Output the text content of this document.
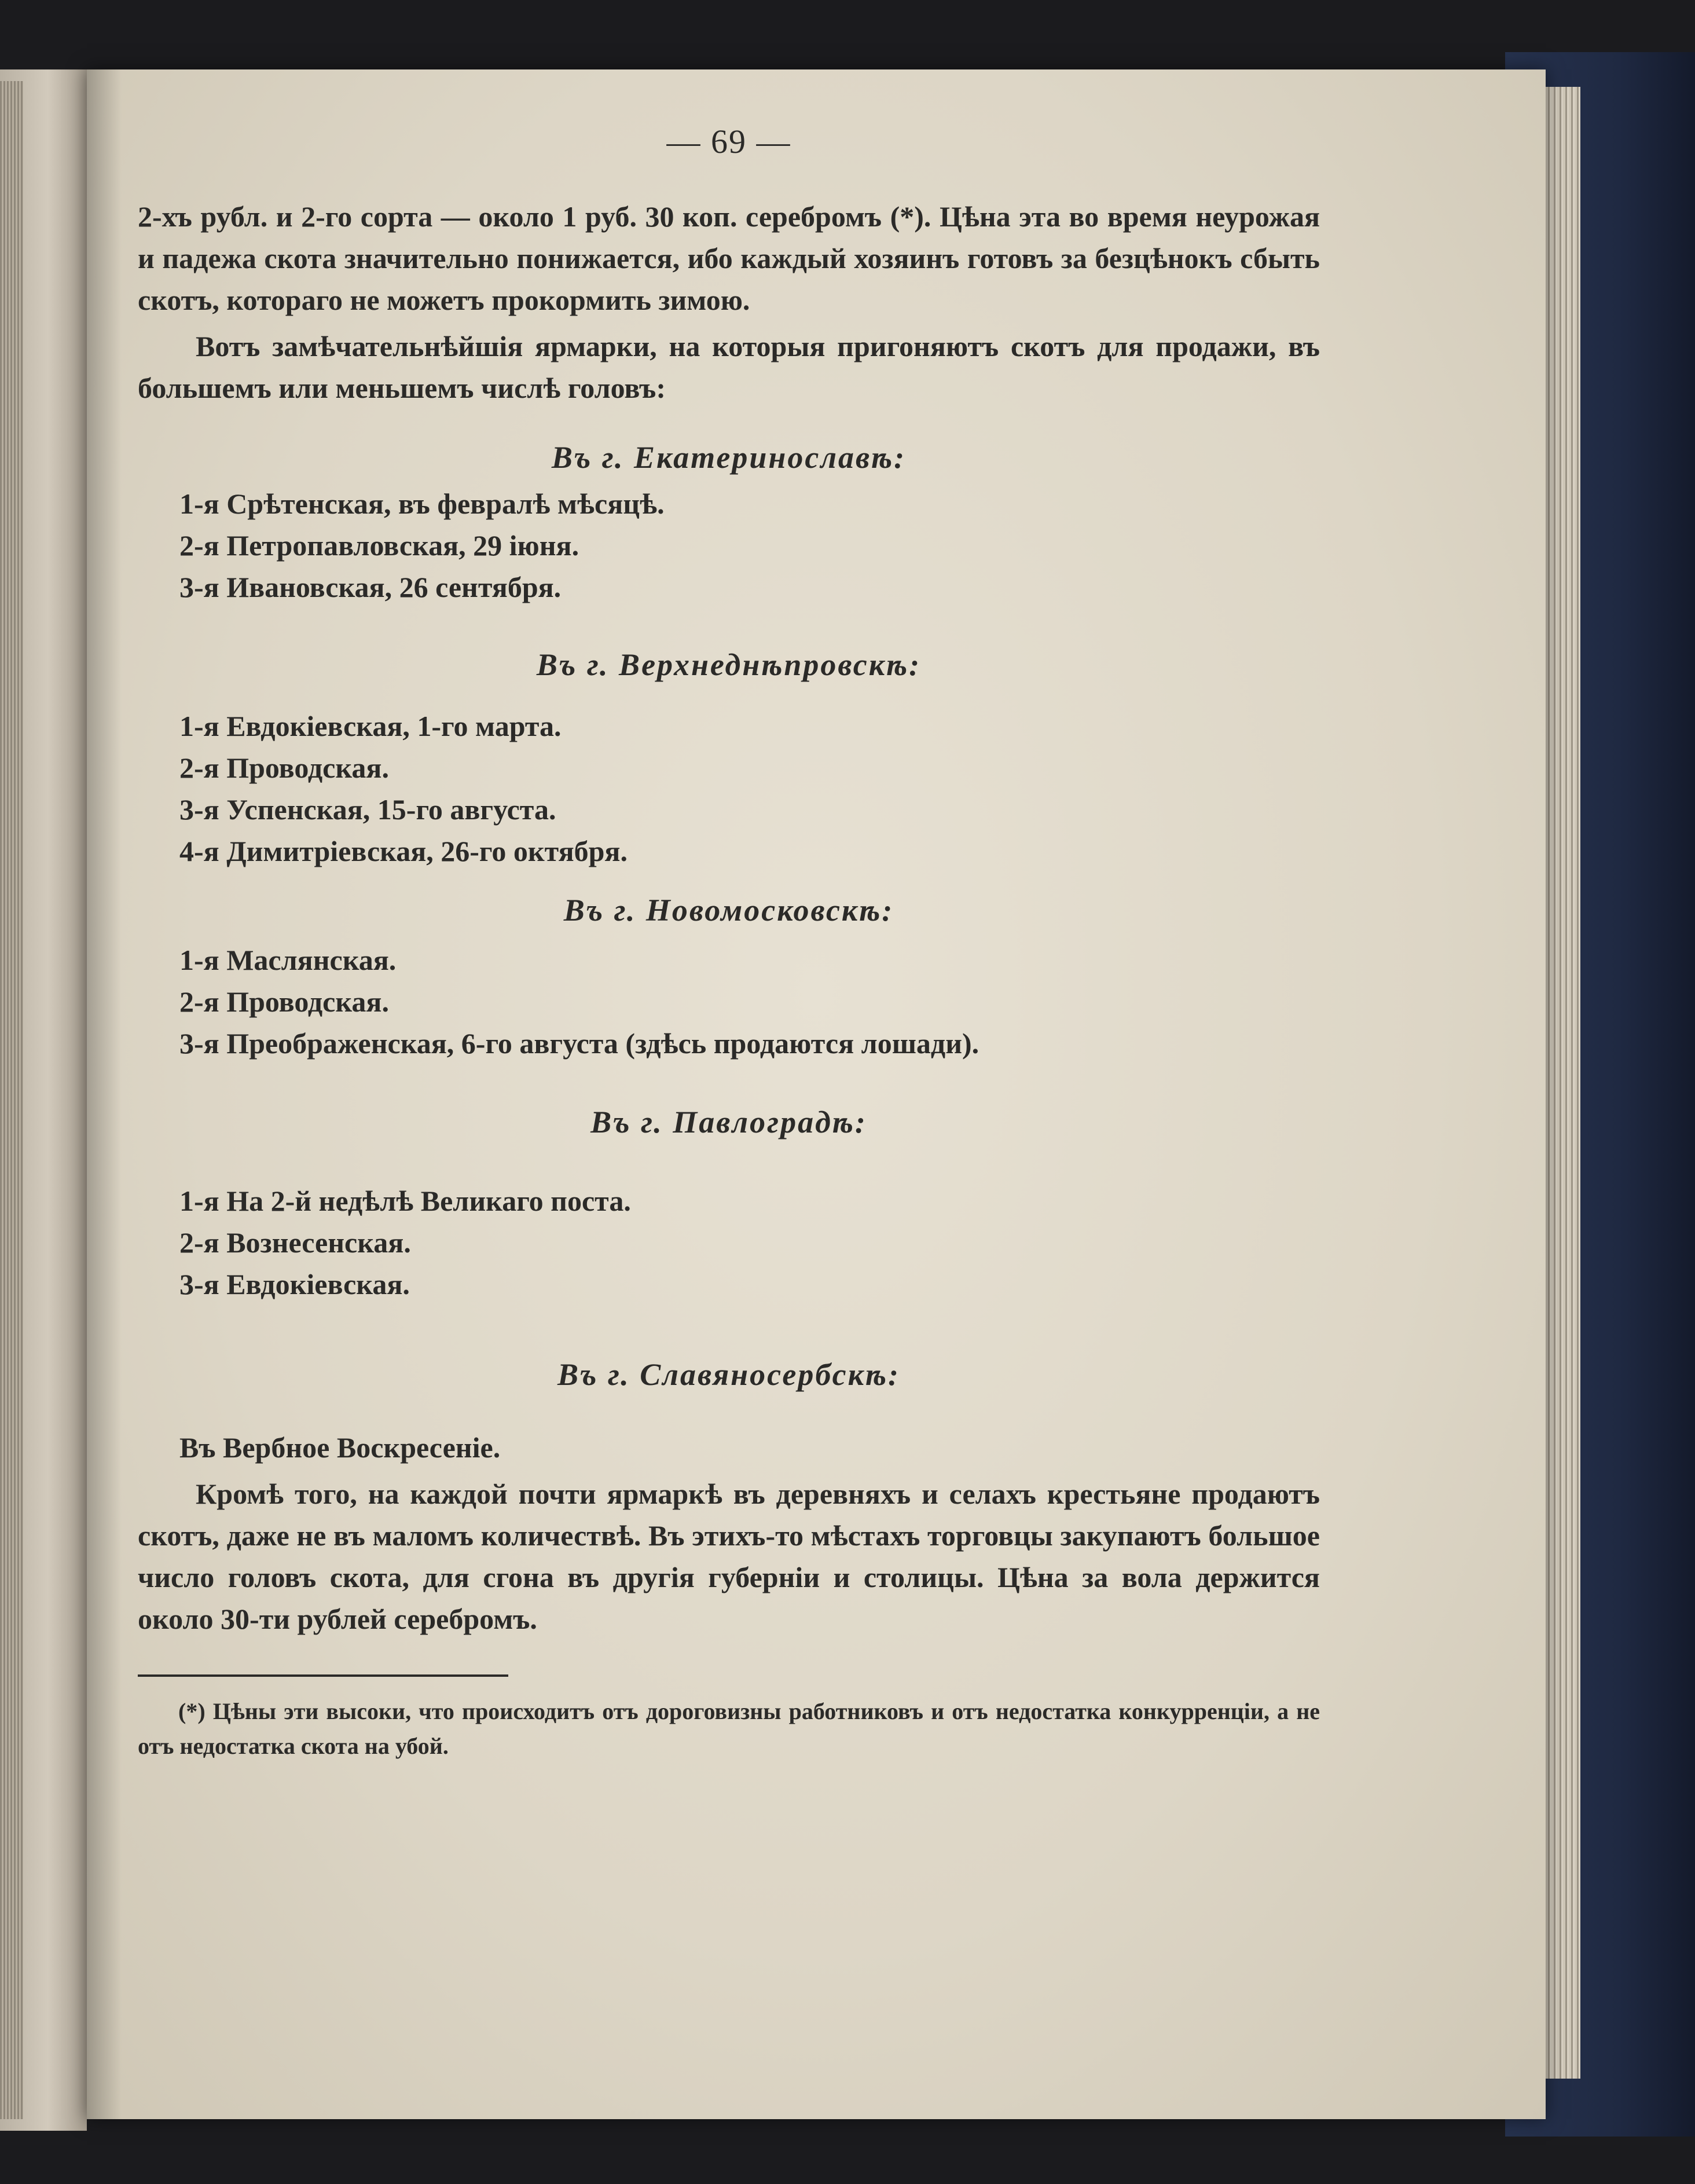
— 69 —
2-хъ рубл. и 2-го сорта — около 1 руб. 30 коп. серебромъ (*). Цѣна эта во время неурожая и падежа скота значительно понижается, ибо каждый хозяинъ готовъ за безцѣнокъ сбыть скотъ, котораго не можетъ прокормить зимою.
Вотъ замѣчательнѣйшія ярмарки, на которыя пригоняютъ скотъ для продажи, въ большемъ или меньшемъ числѣ головъ:
Въ г. Екатеринославѣ:
1-я Срѣтенская, въ февралѣ мѣсяцѣ.
2-я Петропавловская, 29 іюня.
3-я Ивановская, 26 сентября.
Въ г. Верхнеднѣпровскѣ:
1-я Евдокіевская, 1-го марта.
2-я Проводская.
3-я Успенская, 15-го августа.
4-я Димитріевская, 26-го октября.
Въ г. Новомосковскѣ:
1-я Маслянская.
2-я Проводская.
3-я Преображенская, 6-го августа (здѣсь продаются лошади).
Въ г. Павлоградѣ:
1-я На 2-й недѣлѣ Великаго поста.
2-я Вознесенская.
3-я Евдокіевская.
Въ г. Славяносербскѣ:
Въ Вербное Воскресеніе.
Кромѣ того, на каждой почти ярмаркѣ въ деревняхъ и селахъ крестьяне продаютъ скотъ, даже не въ маломъ количествѣ. Въ этихъ-то мѣстахъ торговцы закупаютъ большое число головъ скота, для сгона въ другія губерніи и столицы. Цѣна за вола держится около 30-ти рублей серебромъ.
(*) Цѣны эти высоки, что происходитъ отъ дороговизны работниковъ и отъ недостатка конкурренціи, а не отъ недостатка скота на убой.
